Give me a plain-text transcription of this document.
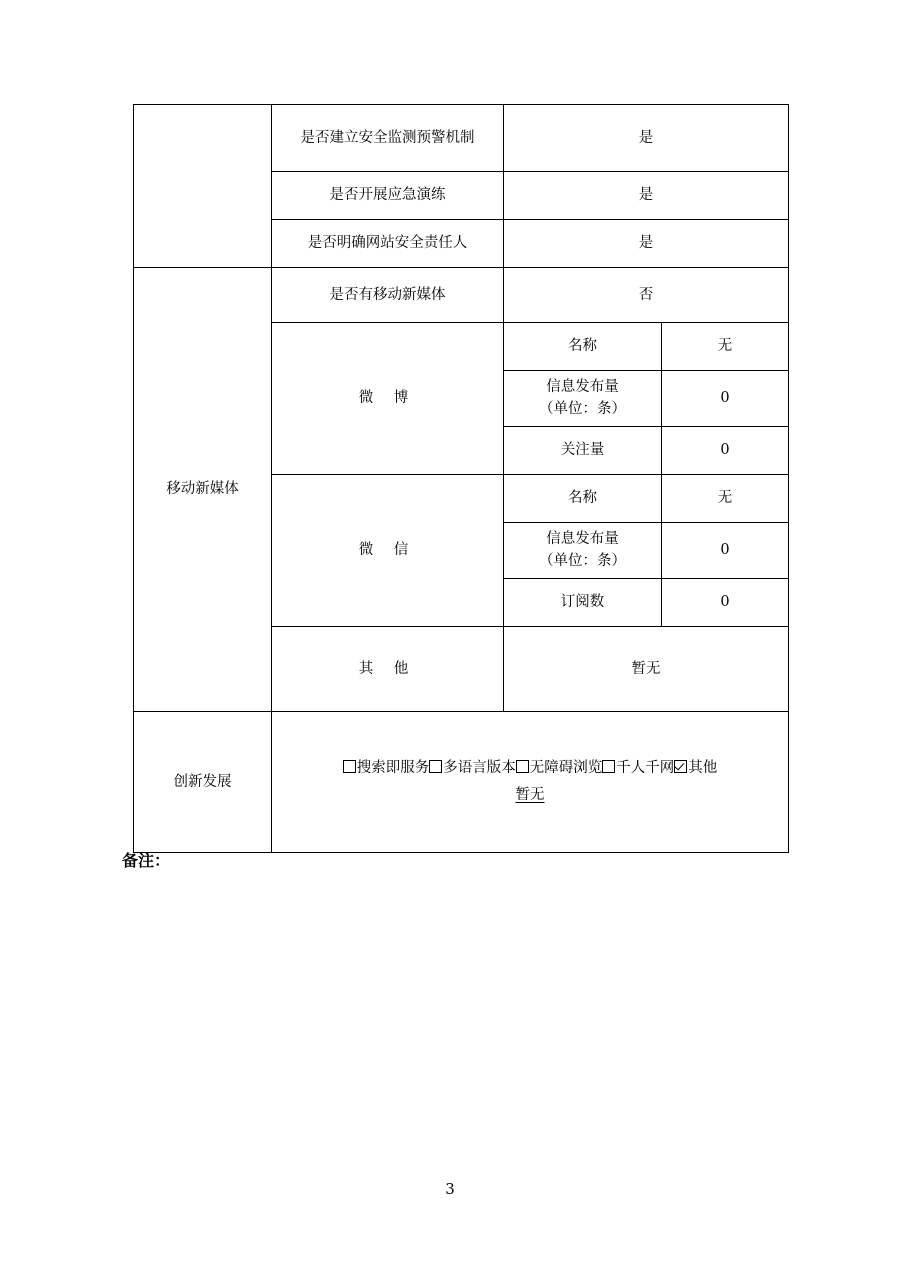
	是否建立安全监测预警机制	是	
	是否开展应急演练	是	
	是否明确网站安全责任人	是	
移动新媒体	是否有移动新媒体	否	
	微 博	名称	无

		信息发布量
（单位：条）	0
		关注量	0
	微 信	名称	无

		信息发布量
（单位：条）	0
		订阅数	0
	其 他	暂无	
创新发展	搜索即服务 多语言版本 无障碍浏览 千人千网 其他
暂无		
备注：
3
